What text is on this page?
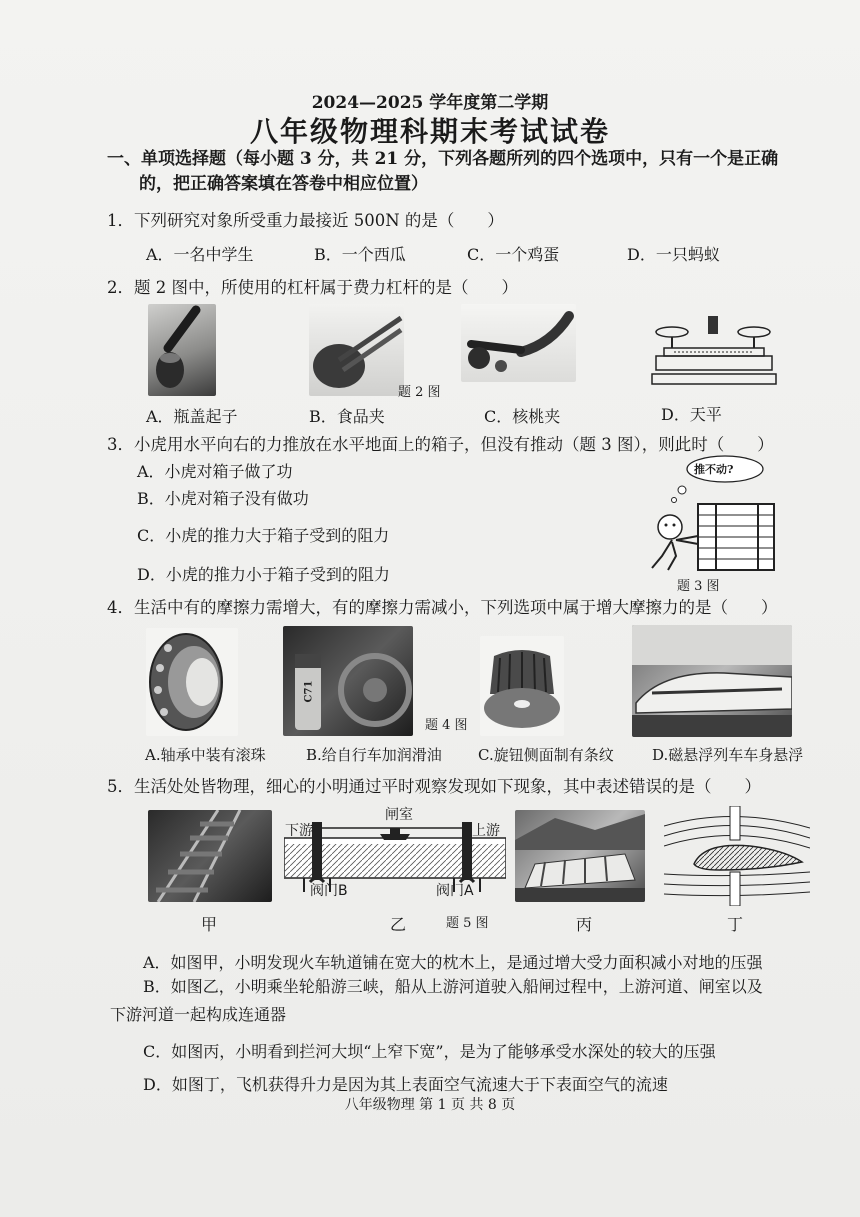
2024—2025 学年度第二学期
八年级物理科期末考试试卷
一、单项选择题（每小题 3 分，共 21 分，下列各题所列的四个选项中，只有一个是正确
的，把正确答案填在答卷中相应位置）
1．下列研究对象所受重力最接近 500N 的是（　　）
A．一名中学生	B．一个西瓜	C．一个鸡蛋	D．一只蚂蚁
2．题 2 图中，所使用的杠杆属于费力杠杆的是（　　）
题 2 图
A．瓶盖起子	B．食品夹	C．核桃夹	D．天平
3．小虎用水平向右的力推放在水平地面上的箱子，但没有推动（题 3 图），则此时（　　）
A．小虎对箱子做了功
B．小虎对箱子没有做功
C．小虎的推力大于箱子受到的阻力
D．小虎的推力小于箱子受到的阻力
推不动?
题 3 图
4．生活中有的摩擦力需增大，有的摩擦力需减小，下列选项中属于增大摩擦力的是（　　）
C71
题 4 图
A.轴承中装有滚珠	B.给自行车加润滑油 C.旋钮侧面制有条纹	D.磁悬浮列车车身悬浮
5．生活处处皆物理，细心的小明通过平时观察发现如下现象，其中表述错误的是（　　）
闸室
下游	上游
阀门B	阀门A
甲	乙	题 5 图	丙	丁
A．如图甲，小明发现火车轨道铺在宽大的枕木上，是通过增大受力面积减小对地的压强
B．如图乙，小明乘坐轮船游三峡，船从上游河道驶入船闸过程中，上游河道、闸室以及
下游河道一起构成连通器
C．如图丙，小明看到拦河大坝“上窄下宽”，是为了能够承受水深处的较大的压强
D．如图丁，飞机获得升力是因为其上表面空气流速大于下表面空气的流速
八年级物理 第 1 页 共 8 页
